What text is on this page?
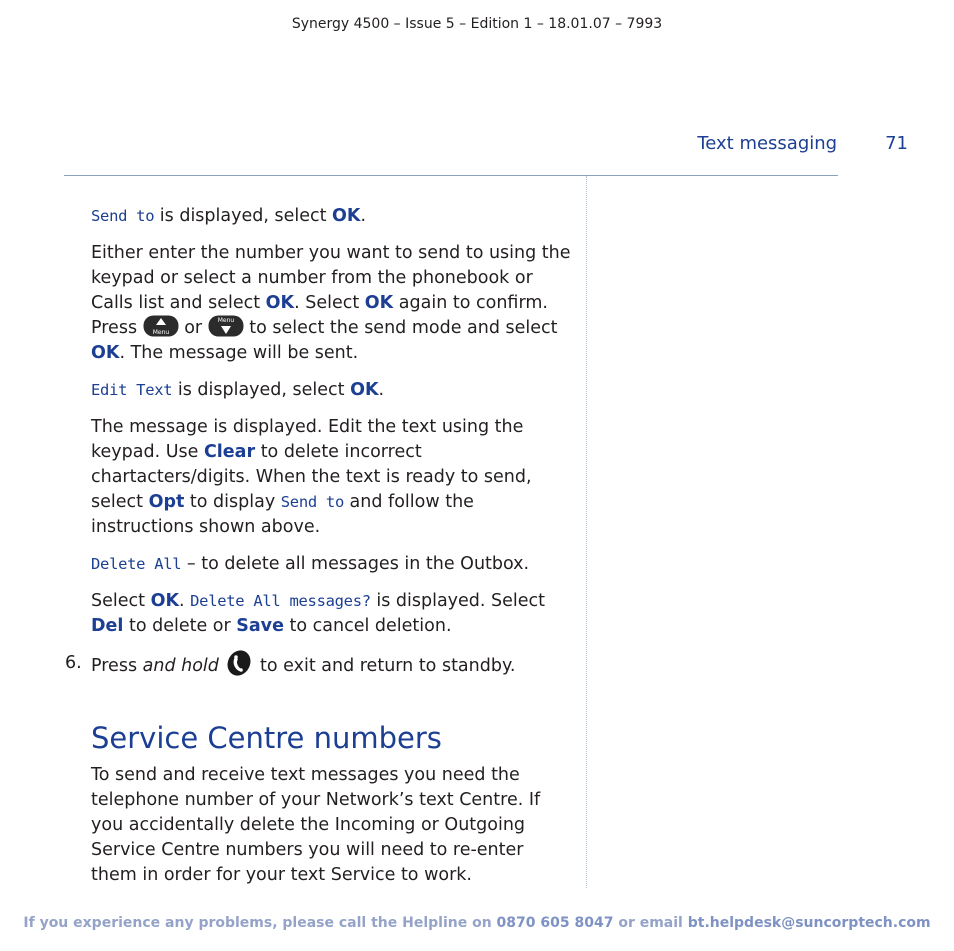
Synergy 4500 – Issue 5 – Edition 1 – 18.01.07 – 7993
Text messaging	71

Send to is displayed, select OK.

Either enter the number you want to send to using the keypad or select a number from the phonebook or Calls list and select OK. Select OK again to confirm. Press Menu or Menu to select the send mode and select OK. The message will be sent.

Edit Text is displayed, select OK.

The message is displayed. Edit the text using the keypad. Use Clear to delete incorrect chartacters/digits. When the text is ready to send, select Opt to display Send to and follow the instructions shown above.

Delete All – to delete all messages in the Outbox.

Select OK. Delete All messages? is displayed. Select Del to delete or Save to cancel deletion.

6. Press and hold  to exit and return to standby.
Service Centre numbers

To send and receive text messages you need the telephone number of your Network’s text Centre. If you accidentally delete the Incoming or Outgoing Service Centre numbers you will need to re-enter them in order for your text Service to work.

If you experience any problems, please call the Helpline on 0870 605 8047 or email bt.helpdesk@suncorptech.com
